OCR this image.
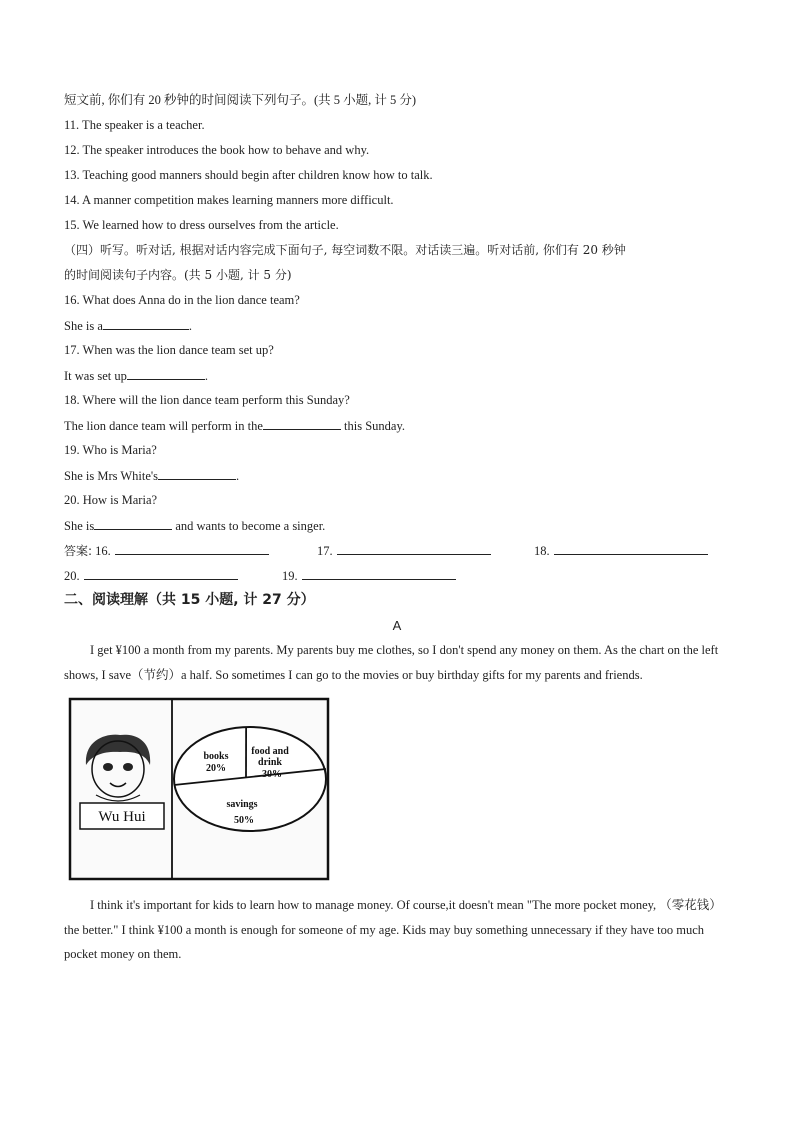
短文前, 你们有 20 秒钟的时间阅读下列句子。(共 5 小题, 计 5 分)
11. The speaker is a teacher.
12. The speaker introduces the book how to behave and why.
13. Teaching good manners should begin after children know how to talk.
14. A manner competition makes learning manners more difficult.
15. We learned how to dress ourselves from the article.
（四）听写。听对话, 根据对话内容完成下面句子, 每空词数不限。对话读三遍。听对话前, 你们有 20 秒钟
的时间阅读句子内容。(共 5 小题, 计 5 分)
16. What does Anna do in the lion dance team?
She is a	.
17. When was the lion dance team set up?
It was set up	.
18. Where will the lion dance team perform this Sunday?
The lion dance team will perform in the	this Sunday.
19. Who is Maria?
She is Mrs White's	.
20. How is Maria?
She is	and wants to become a singer.
答案: 16.	17.	18.
20.	19.
二、阅读理解（共 15 小题, 计 27 分）
A
I get ¥100 a month from my parents. My parents buy me clothes, so I don't spend any money on them. As the chart on the left shows, I save（节约）a half. So sometimes I can go to the movies or buy birthday gifts for my parents and friends.
Wu Hui
books
20%
food and
drink
30%
savings
50%
I think it's important for kids to learn how to manage money. Of course,it doesn't mean "The more pocket money, （零花钱）the better." I think ¥100 a month is enough for someone of my age. Kids may buy something unnecessary if they have too much pocket money on them.
